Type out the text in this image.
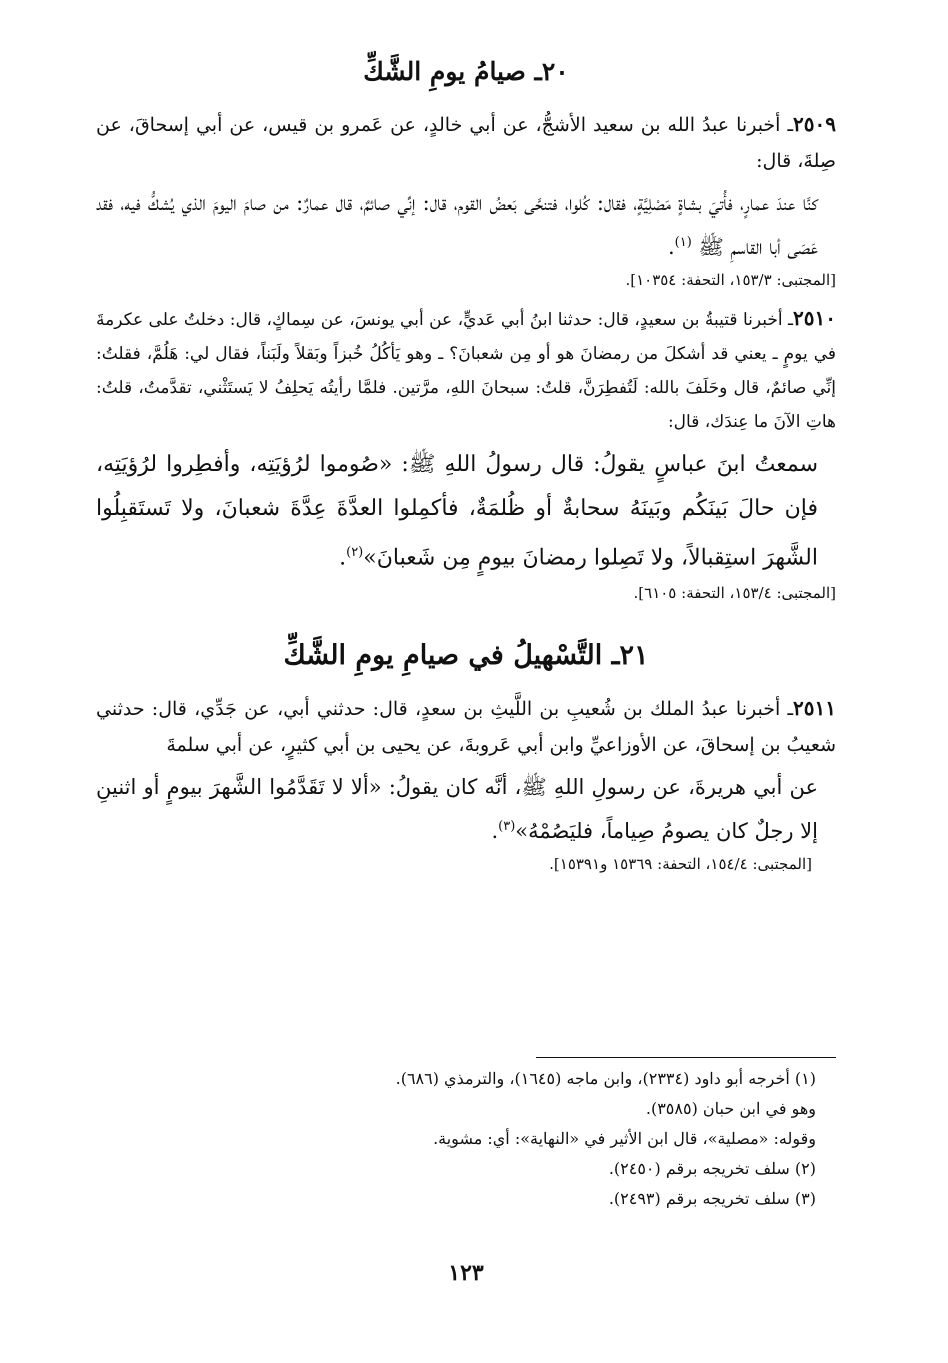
٢٠ـ صيامُ يومِ الشَّكِّ

٢٥٠٩ـ أخبرنا عبدُ الله بن سعيد الأشجُّ، عن أبي خالدٍ، عن عَمرو بن قيس، عن أبي إسحاقَ، عن صِلةَ، قال:

كنَّا عندَ عمارٍ، فأُتيَ بشاةٍ مَصْلِيَّةٍ، فقال: كُلوا، فتنحَّى بَعضُ القوم، قال: إنِّي صائمٌ، قال عمارٌ: من صامَ اليومَ الذي يُشكُّ فيه، فقد عَصَى أبا القاسمِ ﷺ $^{(١)}$.

[المجتبى: ١٥٣/٣، التحفة: ١٠٣٥٤].

٢٥١٠ـ أخبرنا قتيبةُ بن سعيدٍ، قال: حدثنا ابنُ أبي عَديٍّ، عن أبي يونسَ، عن سِماكٍ، قال: دخلتُ على عكرمةَ في يومٍ ـ يعني قد أشكلَ من رمضانَ هو أو مِن شعبانَ؟ ـ وهو يَأكُلُ خُبزاً وبَقلاً ولَبَناً، فقال لي: هَلُمَّ، فقلتُ: إنِّي صائمٌ، قال وحَلَفَ بالله: لَتُفطِرَنَّ، قلتُ: سبحانَ اللهِ، مرَّتين. فلمَّا رأيتُه يَحلِفُ لا يَستَثْني، تقدَّمتُ، قلتُ: هاتِ الآنَ ما عِندَك، قال:

سمعتُ ابنَ عباسٍ يقولُ: قال رسولُ اللهِ ﷺ: «صُوموا لرُؤيَتِه، وأفطِروا لرُؤيَتِه، فإن حالَ بَينَكُم وبَينَهُ سحابةٌ أو ظُلمَةٌ، فأكمِلوا العدَّةَ عِدَّةَ شعبانَ، ولا تَستَقبِلُوا الشَّهرَ استِقبالاً، ولا تَصِلوا رمضانَ بيومٍ مِن شَعبانَ»$^{(٢)}$.

[المجتبى: ١٥٣/٤، التحفة: ٦١٠٥].

٢١ـ التَّسْهيلُ في صيامِ يومِ الشَّكِّ

٢٥١١ـ أخبرنا عبدُ الملك بن شُعيبِ بن اللَّيثِ بن سعدٍ، قال: حدثني أبي، عن جَدِّي، قال: حدثني شعيبُ بن إسحاقَ، عن الأوزاعيِّ وابن أبي عَروبةَ، عن يحيى بن أبي كثيرٍ، عن أبي سلمةَ

عن أبي هريرةَ، عن رسولِ اللهِ ﷺ، أنَّه كان يقولُ: «ألا لا تَقَدَّمُوا الشَّهرَ بيومٍ أو اثنينِ إلا رجلٌ كان يصومُ صِياماً، فليَصُمْهُ»$^{(٣)}$.

[المجتبى: ١٥٤/٤، التحفة: ١٥٣٦٩ و١٥٣٩١].

(١) أخرجه أبو داود (٢٣٣٤)، وابن ماجه (١٦٤٥)، والترمذي (٦٨٦).

وهو في ابن حبان (٣٥٨٥).

وقوله: «مصلية»، قال ابن الأثير في «النهاية»: أي: مشوية.

(٢) سلف تخريجه برقم (٢٤٥٠).

(٣) سلف تخريجه برقم (٢٤٩٣).

١٢٣
